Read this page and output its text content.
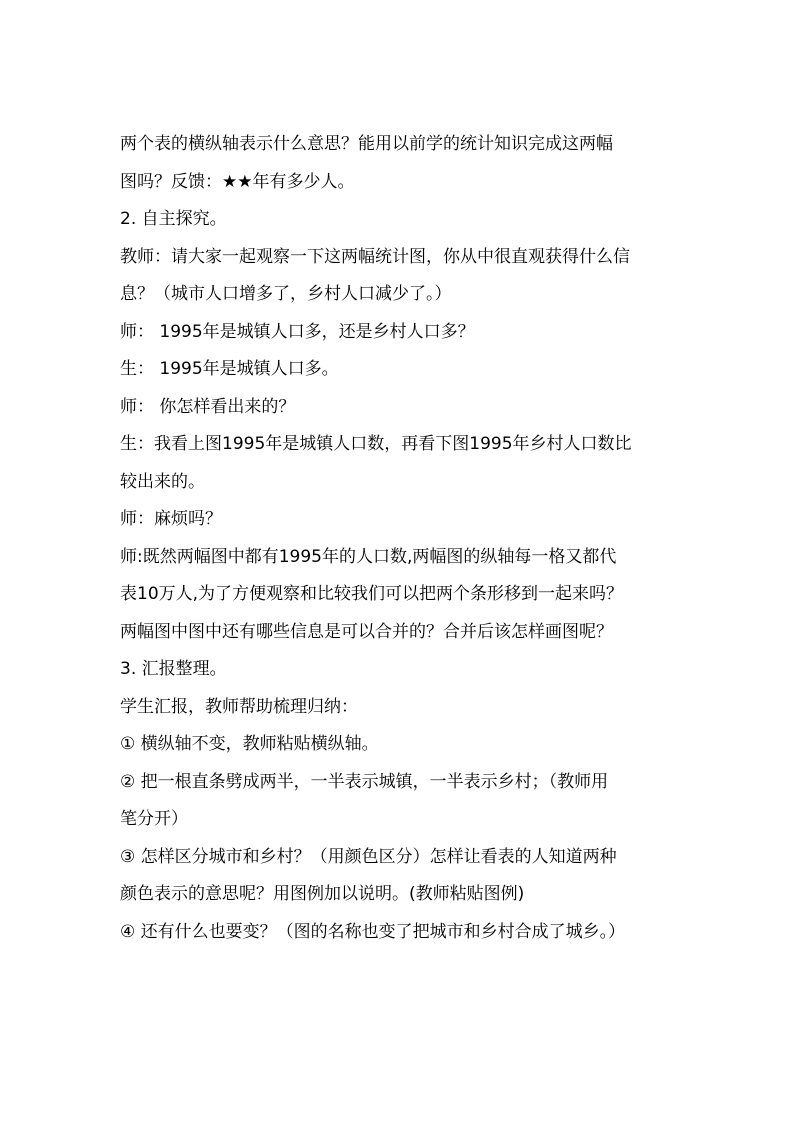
两个表的横纵轴表示什么意思？能用以前学的统计知识完成这两幅
图吗？反馈：★★年有多少人。
2. 自主探究。
教师：请大家一起观察一下这两幅统计图，你从中很直观获得什么信
息？（城市人口增多了，乡村人口减少了。）
师： 1995年是城镇人口多，还是乡村人口多？
生： 1995年是城镇人口多。
师： 你怎样看出来的？
生：我看上图1995年是城镇人口数，再看下图1995年乡村人口数比
较出来的。
师：麻烦吗？
师:既然两幅图中都有1995年的人口数,两幅图的纵轴每一格又都代
表10万人,为了方便观察和比较我们可以把两个条形移到一起来吗？
两幅图中图中还有哪些信息是可以合并的？合并后该怎样画图呢？
3. 汇报整理。
学生汇报，教师帮助梳理归纳：
① 横纵轴不变，教师粘贴横纵轴。
② 把一根直条劈成两半，一半表示城镇，一半表示乡村；（教师用
笔分开）
③ 怎样区分城市和乡村？（用颜色区分）怎样让看表的人知道两种
颜色表示的意思呢？用图例加以说明。(教师粘贴图例)
④ 还有什么也要变？（图的名称也变了把城市和乡村合成了城乡。）
